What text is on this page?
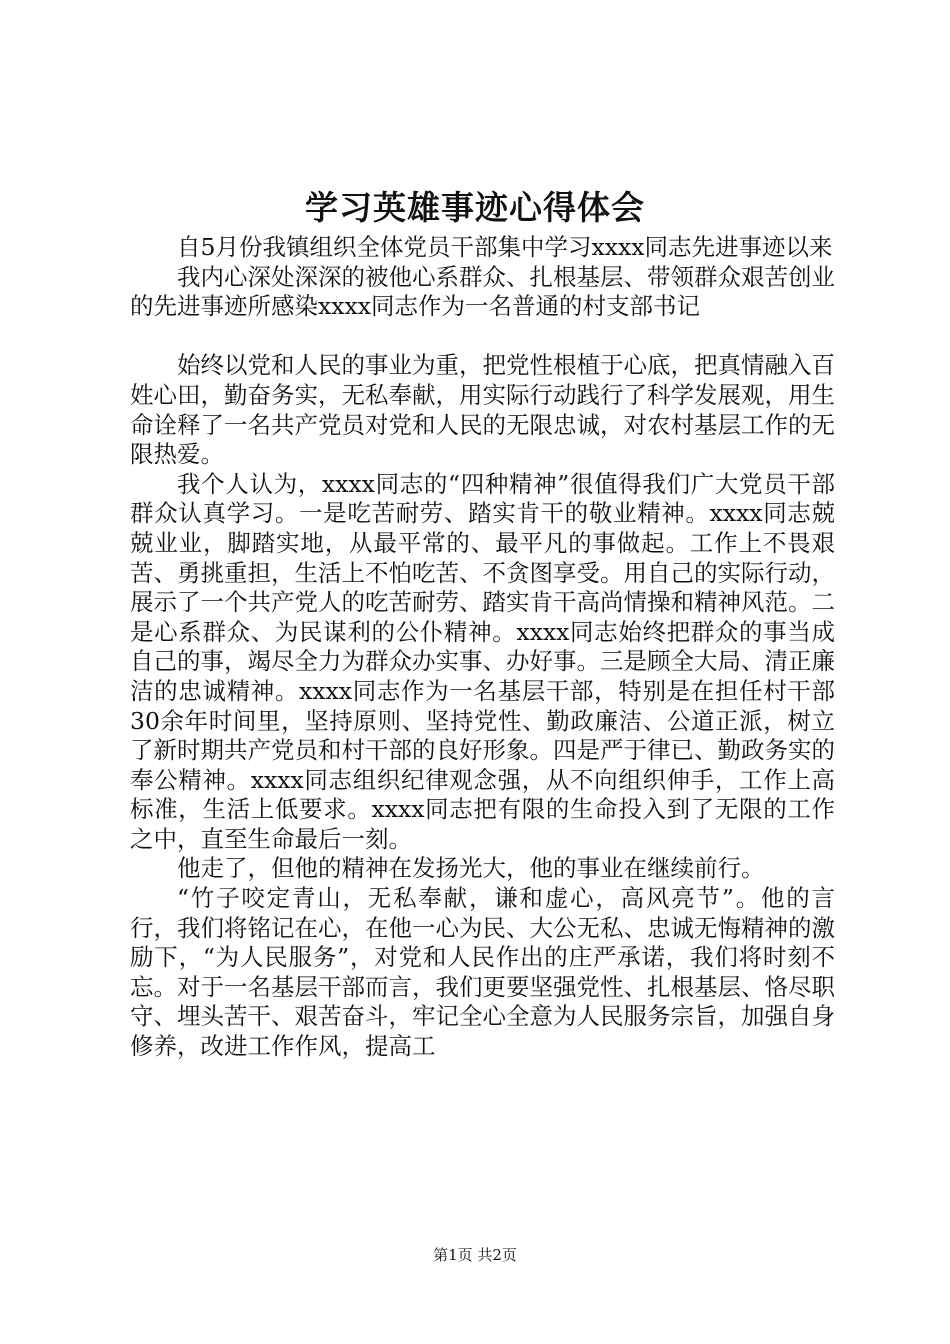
学习英雄事迹心得体会

自5月份我镇组织全体党员干部集中学习xxxx同志先进事迹以来

我内心深处深深的被他心系群众、扎根基层、带领群众艰苦创业的先进事迹所感染xxxx同志作为一名普通的村支部书记

始终以党和人民的事业为重，把党性根植于心底，把真情融入百姓心田，勤奋务实，无私奉献，用实际行动践行了科学发展观，用生命诠释了一名共产党员对党和人民的无限忠诚，对农村基层工作的无限热爱。

我个人认为，xxxx同志的“四种精神”很值得我们广大党员干部群众认真学习。一是吃苦耐劳、踏实肯干的敬业精神。xxxx同志兢兢业业，脚踏实地，从最平常的、最平凡的事做起。工作上不畏艰苦、勇挑重担，生活上不怕吃苦、不贪图享受。用自己的实际行动，展示了一个共产党人的吃苦耐劳、踏实肯干高尚情操和精神风范。二是心系群众、为民谋利的公仆精神。xxxx同志始终把群众的事当成自己的事，竭尽全力为群众办实事、办好事。三是顾全大局、清正廉洁的忠诚精神。xxxx同志作为一名基层干部，特别是在担任村干部30余年时间里，坚持原则、坚持党性、勤政廉洁、公道正派，树立了新时期共产党员和村干部的良好形象。四是严于律已、勤政务实的奉公精神。xxxx同志组织纪律观念强，从不向组织伸手，工作上高标准，生活上低要求。xxxx同志把有限的生命投入到了无限的工作之中，直至生命最后一刻。

他走了，但他的精神在发扬光大，他的事业在继续前行。

“竹子咬定青山，无私奉献，谦和虚心，高风亮节”。他的言行，我们将铭记在心，在他一心为民、大公无私、忠诚无悔精神的激励下，“为人民服务”，对党和人民作出的庄严承诺，我们将时刻不忘。对于一名基层干部而言，我们更要坚强党性、扎根基层、恪尽职守、埋头苦干、艰苦奋斗，牢记全心全意为人民服务宗旨，加强自身修养，改进工作作风，提高工

第1页 共2页
